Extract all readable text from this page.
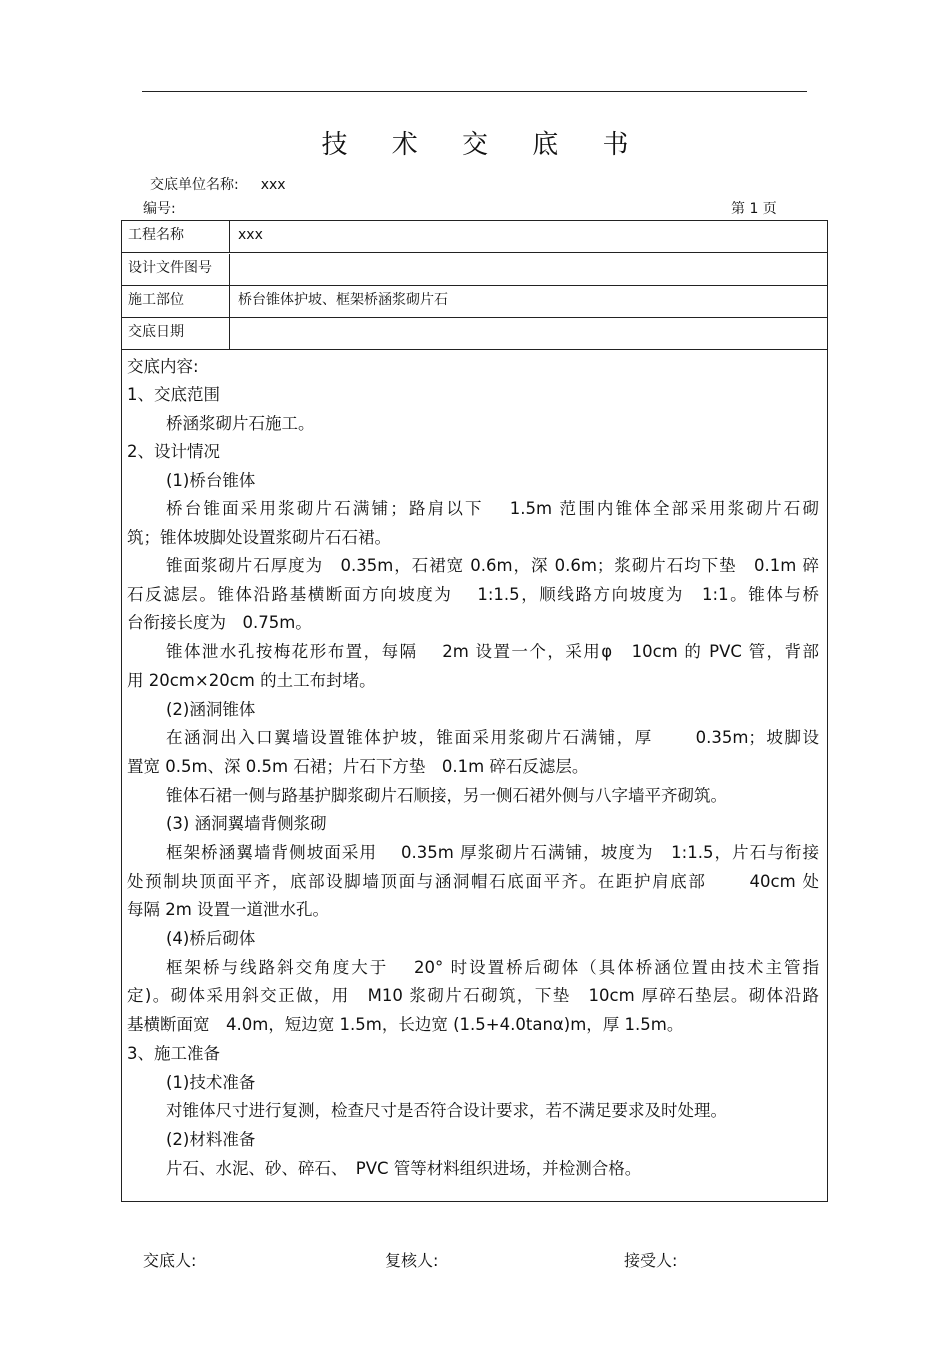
技 术 交 底 书
交底单位名称: xxx
编号:	第 1 页
工程名称	xxx
设计文件图号
施工部位	桥台锥体护坡、框架桥涵浆砌片石
交底日期
交底内容:
1、交底范围
桥涵浆砌片石施工。
2、设计情况
(1)桥台锥体
桥台锥面采用浆砌片石满铺；路肩以下　 1.5m 范围内锥体全部采用浆砌片石砌
筑；锥体坡脚处设置浆砌片石石裙。
锥面浆砌片石厚度为　0.35m，石裙宽 0.6m，深 0.6m；浆砌片石均下垫　0.1m 碎
石反滤层。锥体沿路基横断面方向坡度为　 1:1.5，顺线路方向坡度为　1:1。锥体与桥
台衔接长度为　0.75m。
锥体泄水孔按梅花形布置，每隔　 2m 设置一个，采用φ　10cm 的 PVC 管，背部
用 20cm×20cm 的土工布封堵。
(2)涵洞锥体
在涵洞出入口翼墙设置锥体护坡，锥面采用浆砌片石满铺，厚　　 0.35m；坡脚设
置宽 0.5m、深 0.5m 石裙；片石下方垫　0.1m 碎石反滤层。
锥体石裙一侧与路基护脚浆砌片石顺接，另一侧石裙外侧与八字墙平齐砌筑。
(3) 涵洞翼墙背侧浆砌
框架桥涵翼墙背侧坡面采用　 0.35m 厚浆砌片石满铺，坡度为　1:1.5，片石与衔接
处预制块顶面平齐，底部设脚墙顶面与涵洞帽石底面平齐。在距护肩底部　　 40cm 处
每隔 2m 设置一道泄水孔。
(4)桥后砌体
框架桥与线路斜交角度大于　 20° 时设置桥后砌体（具体桥涵位置由技术主管指
定)。砌体采用斜交正做，用　M10 浆砌片石砌筑，下垫　10cm 厚碎石垫层。砌体沿路
基横断面宽　4.0m，短边宽 1.5m，长边宽 (1.5+4.0tanα)m，厚 1.5m。
3、施工准备
(1)技术准备
对锥体尺寸进行复测，检查尺寸是否符合设计要求，若不满足要求及时处理。
(2)材料准备
片石、水泥、砂、碎石、　PVC 管等材料组织进场，并检测合格。
交底人:	复核人:	接受人:
